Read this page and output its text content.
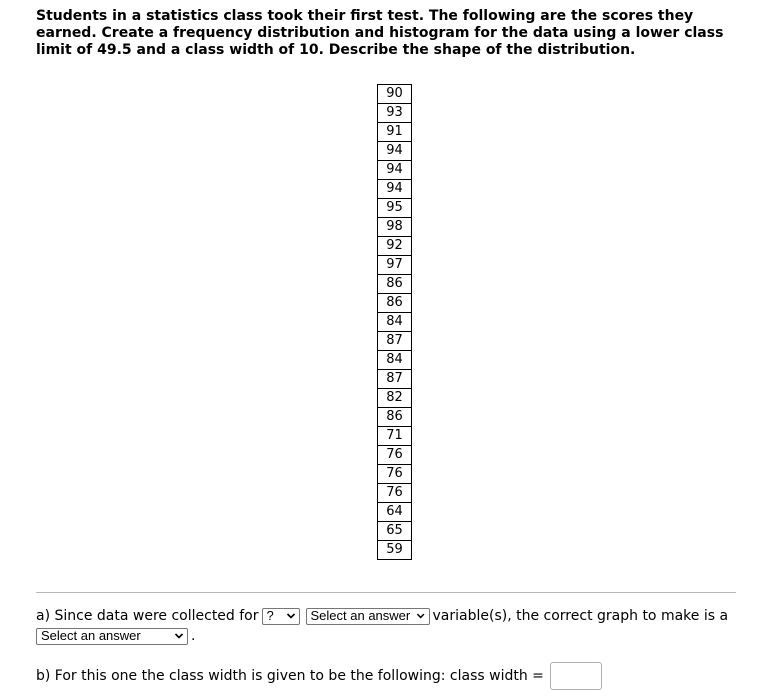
Students in a statistics class took their first test. The following are the scores they earned. Create a frequency distribution and histogram for the data using a lower class limit of 49.5 and a class width of 10. Describe the shape of the distribution.
90
93
91
94
94
94
95
98
92
97
86
86
84
87
84
87
82
86
71
76
76
76
64
65
59
a) Since data were collected for ?	Select an answer variable(s), the correct graph to make is a
Select an answer	.
b) For this one the class width is given to be the following: class width =
